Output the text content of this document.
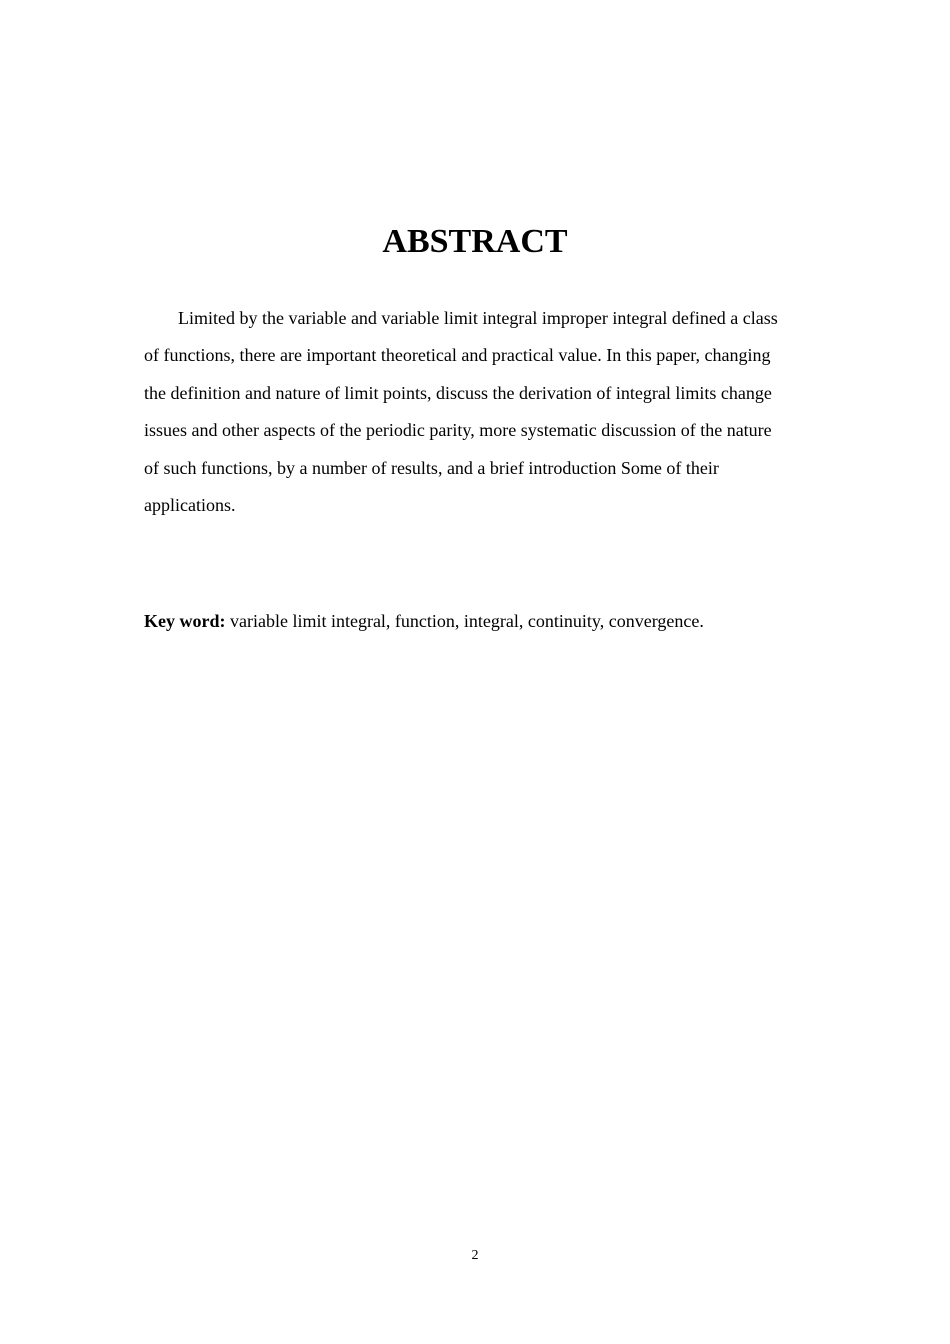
ABSTRACT

Limited by the variable and variable limit integral improper integral defined a class of functions, there are important theoretical and practical value. In this paper, changing the definition and nature of limit points, discuss the derivation of integral limits change issues and other aspects of the periodic parity, more systematic discussion of the nature of such functions, by a number of results, and a brief introduction Some of their applications.

Key word: variable limit integral, function, integral, continuity, convergence.

2
